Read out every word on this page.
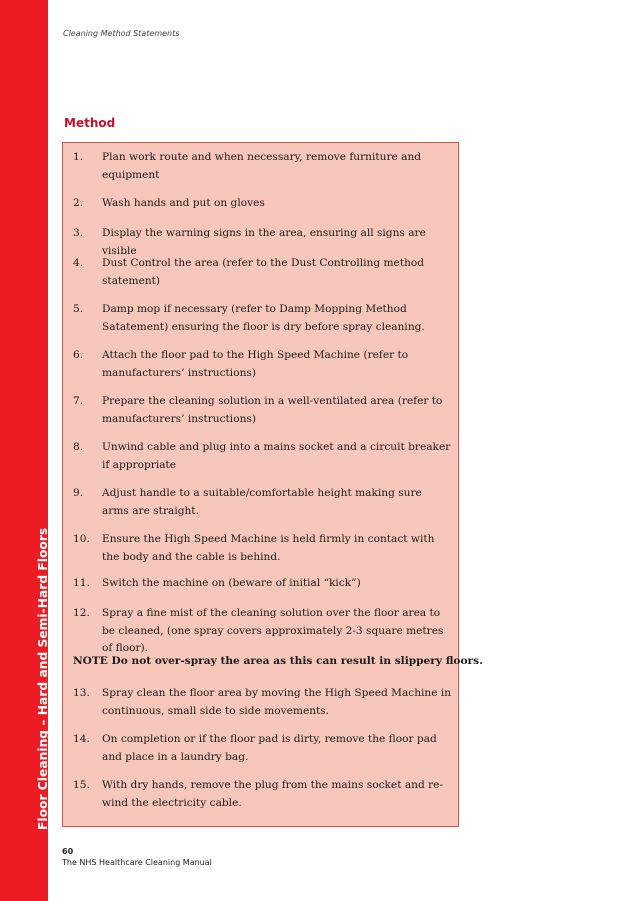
Floor Cleaning – Hard and Semi-Hard Floors
Cleaning Method Statements
Method
1. Plan work route and when necessary, remove furniture and equipment
2. Wash hands and put on gloves
3. Display the warning signs in the area, ensuring all signs are visible
4. Dust Control the area (refer to the Dust Controlling method statement)
5. Damp mop if necessary (refer to Damp Mopping Method Satatement) ensuring the floor is dry before spray cleaning.
6. Attach the floor pad to the High Speed Machine (refer to manufacturers’ instructions)
7. Prepare the cleaning solution in a well-ventilated area (refer to manufacturers’ instructions)
8. Unwind cable and plug into a mains socket and a circuit breaker if appropriate
9. Adjust handle to a suitable/comfortable height making sure arms are straight.
10. Ensure the High Speed Machine is held firmly in contact with the body and the cable is behind.
11. Switch the machine on (beware of initial “kick”)
12. Spray a fine mist of the cleaning solution over the floor area to be cleaned, (one spray covers approximately 2-3 square metres of floor).
NOTE Do not over-spray the area as this can result in slippery floors.
13. Spray clean the floor area by moving the High Speed Machine in continuous, small side to side movements.
14. On completion or if the floor pad is dirty, remove the floor pad and place in a laundry bag.
15. With dry hands, remove the plug from the mains socket and re-wind the electricity cable.
60
The NHS Healthcare Cleaning Manual
